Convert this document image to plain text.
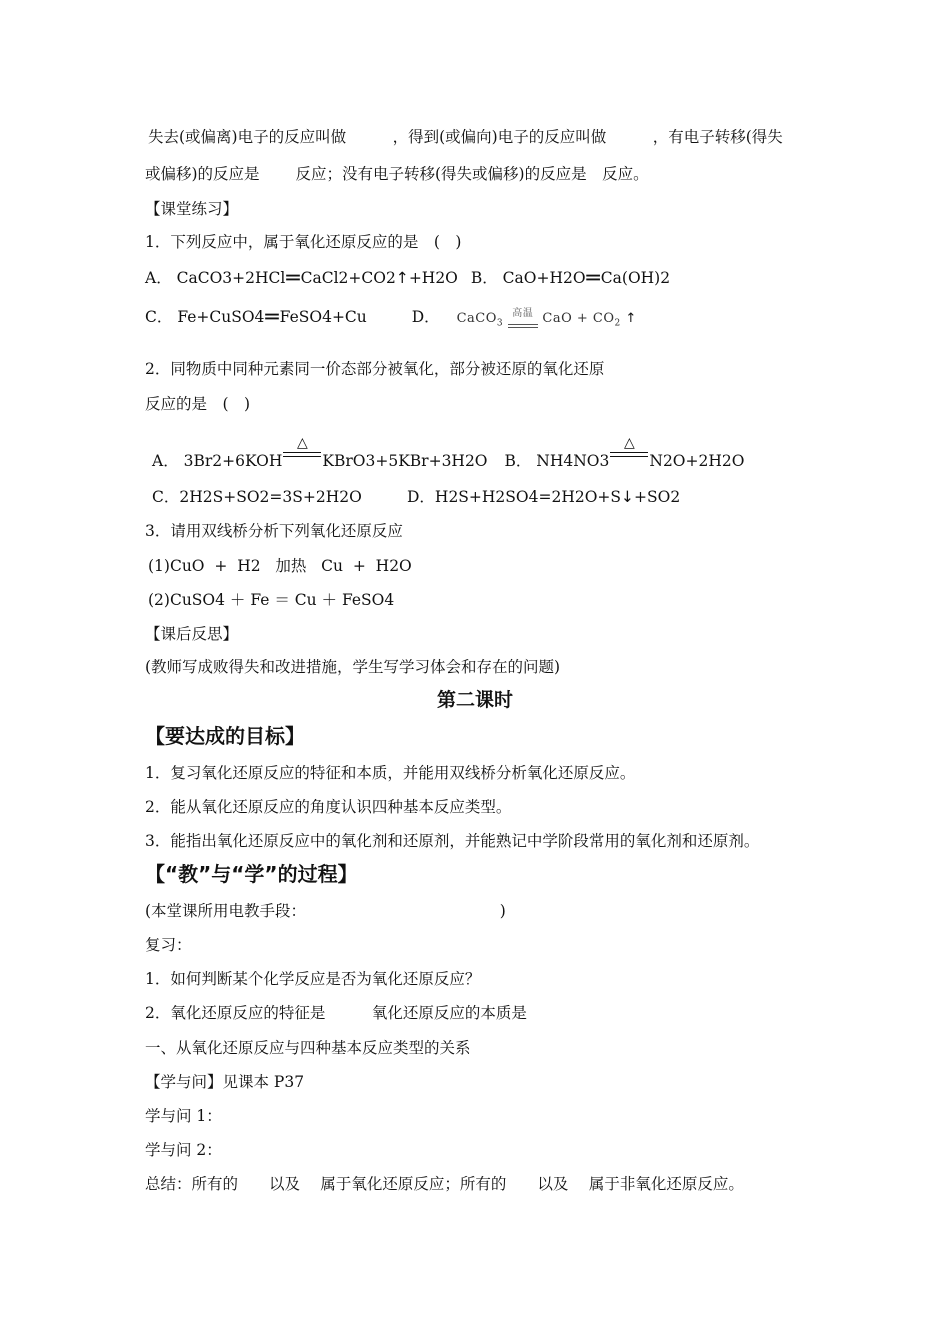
失去(或偏离)电子的反应叫做　　　，得到(或偏向)电子的反应叫做　　　，有电子转移(得失
或偏移)的反应是　　 反应；没有电子转移(得失或偏移)的反应是　反应。
【课堂练习】
1．下列反应中，属于氧化还原反应的是　(　)
A． CaCO3+2HCl═CaCl2+CO2↑+H2O B． CaO+H2O═Ca(OH)2
C． Fe+CuSO4═FeSO4+Cu	D． CaCO$_3$
高温 CaO + $CO_2$ ↑
2．同物质中同种元素同一价态部分被氧化，部分被还原的氧化还原
反应的是　(　)
A． 3Br2+6KOH
△
KBrO3+5KBr+3H2O B． NH4NO3
△
N2O+2H2O
C．2H2S+SO2=3S+2H2O	D．H2S+H2SO4=2H2O+S↓+SO2
3．请用双线桥分析下列氧化还原反应
(1)CuO  +  H2   加热   Cu  +  H2O
(2)CuSO4 ＋ Fe ＝ Cu ＋ FeSO4
【课后反思】
(教师写成败得失和改进措施，学生写学习体会和存在的问题)
第二课时
【要达成的目标】
1．复习氧化还原反应的特征和本质，并能用双线桥分析氧化还原反应。
2．能从氧化还原反应的角度认识四种基本反应类型。
3．能指出氧化还原反应中的氧化剂和还原剂，并能熟记中学阶段常用的氧化剂和还原剂。
【“教”与“学”的过程】
(本堂课所用电教手段：　　　　　　　　　　　　　)
复习：
1．如何判断某个化学反应是否为氧化还原反应？
2．氧化还原反应的特征是　　　氧化还原反应的本质是
一、从氧化还原反应与四种基本反应类型的关系
【学与问】见课本 P37
学与问 1：
学与问 2：
总结：所有的　　以及　 属于氧化还原反应；所有的　　以及　 属于非氧化还原反应。
